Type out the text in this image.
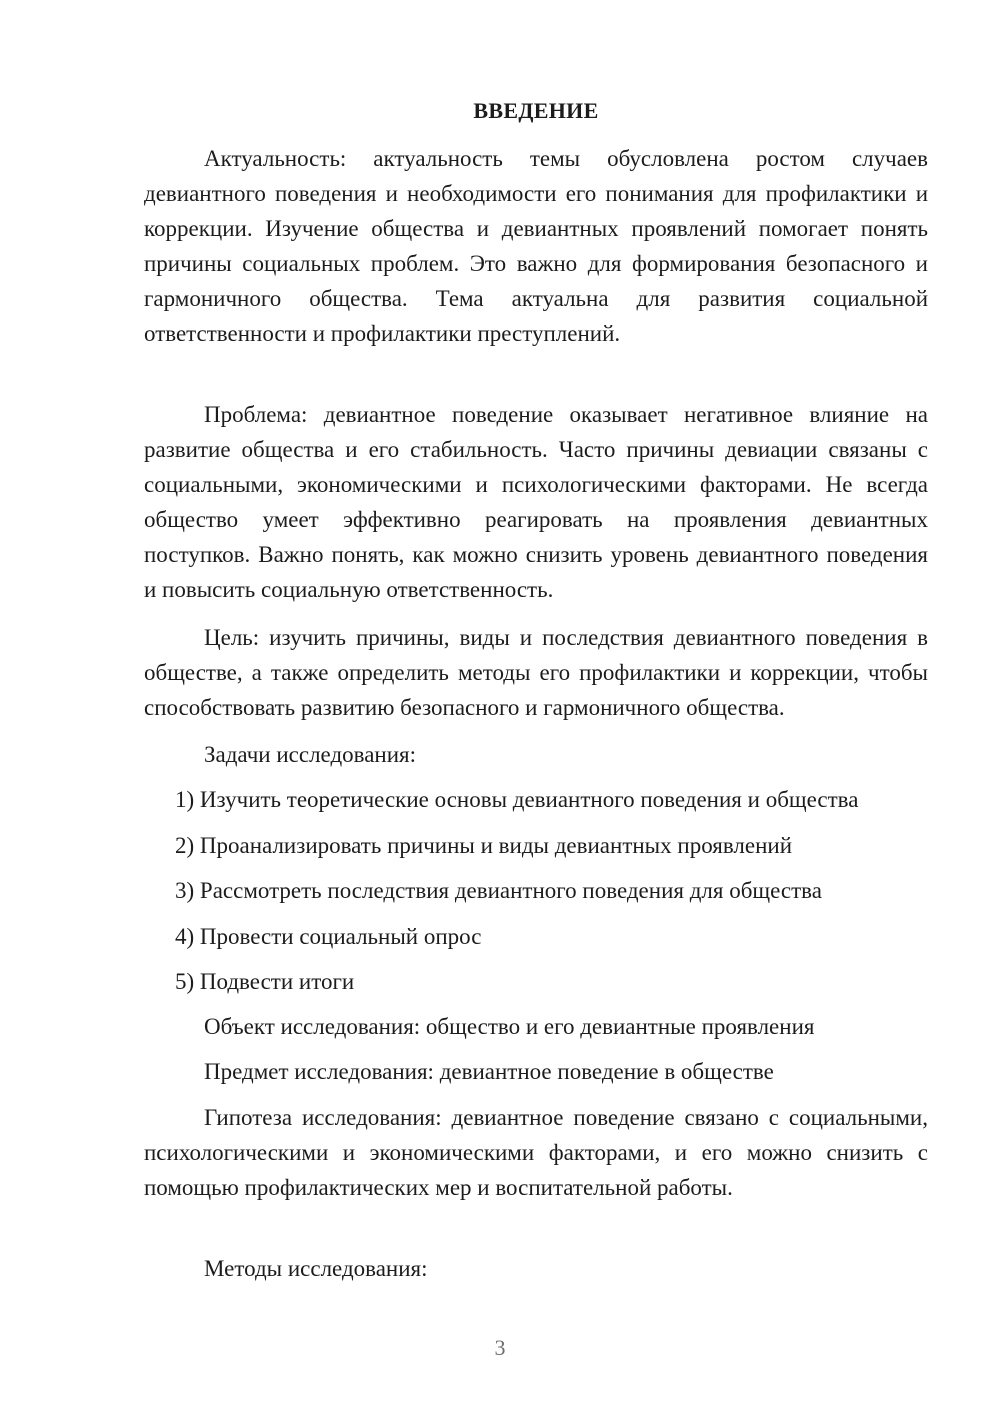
ВВЕДЕНИЕ

Актуальность: актуальность темы обусловлена ростом случаев девиантного поведения и необходимости его понимания для профилактики и коррекции. Изучение общества и девиантных проявлений помогает понять причины социальных проблем. Это важно для формирования безопасного и гармоничного общества. Тема актуальна для развития социальной ответственности и профилактики преступлений.

Проблема: девиантное поведение оказывает негативное влияние на развитие общества и его стабильность. Часто причины девиации связаны с социальными, экономическими и психологическими факторами. Не всегда общество умеет эффективно реагировать на проявления девиантных поступков. Важно понять, как можно снизить уровень девиантного поведения и повысить социальную ответственность.

Цель: изучить причины, виды и последствия девиантного поведения в обществе, а также определить методы его профилактики и коррекции, чтобы способствовать развитию безопасного и гармоничного общества.

Задачи исследования:

1) Изучить теоретические основы девиантного поведения и общества
2) Проанализировать причины и виды девиантных проявлений
3) Рассмотреть последствия девиантного поведения для общества
4) Провести социальный опрос
5) Подвести итоги

Объект исследования: общество и его девиантные проявления

Предмет исследования: девиантное поведение в обществе

Гипотеза исследования: девиантное поведение связано с социальными, психологическими и экономическими факторами, и его можно снизить с помощью профилактических мер и воспитательной работы.

Методы исследования:

3
